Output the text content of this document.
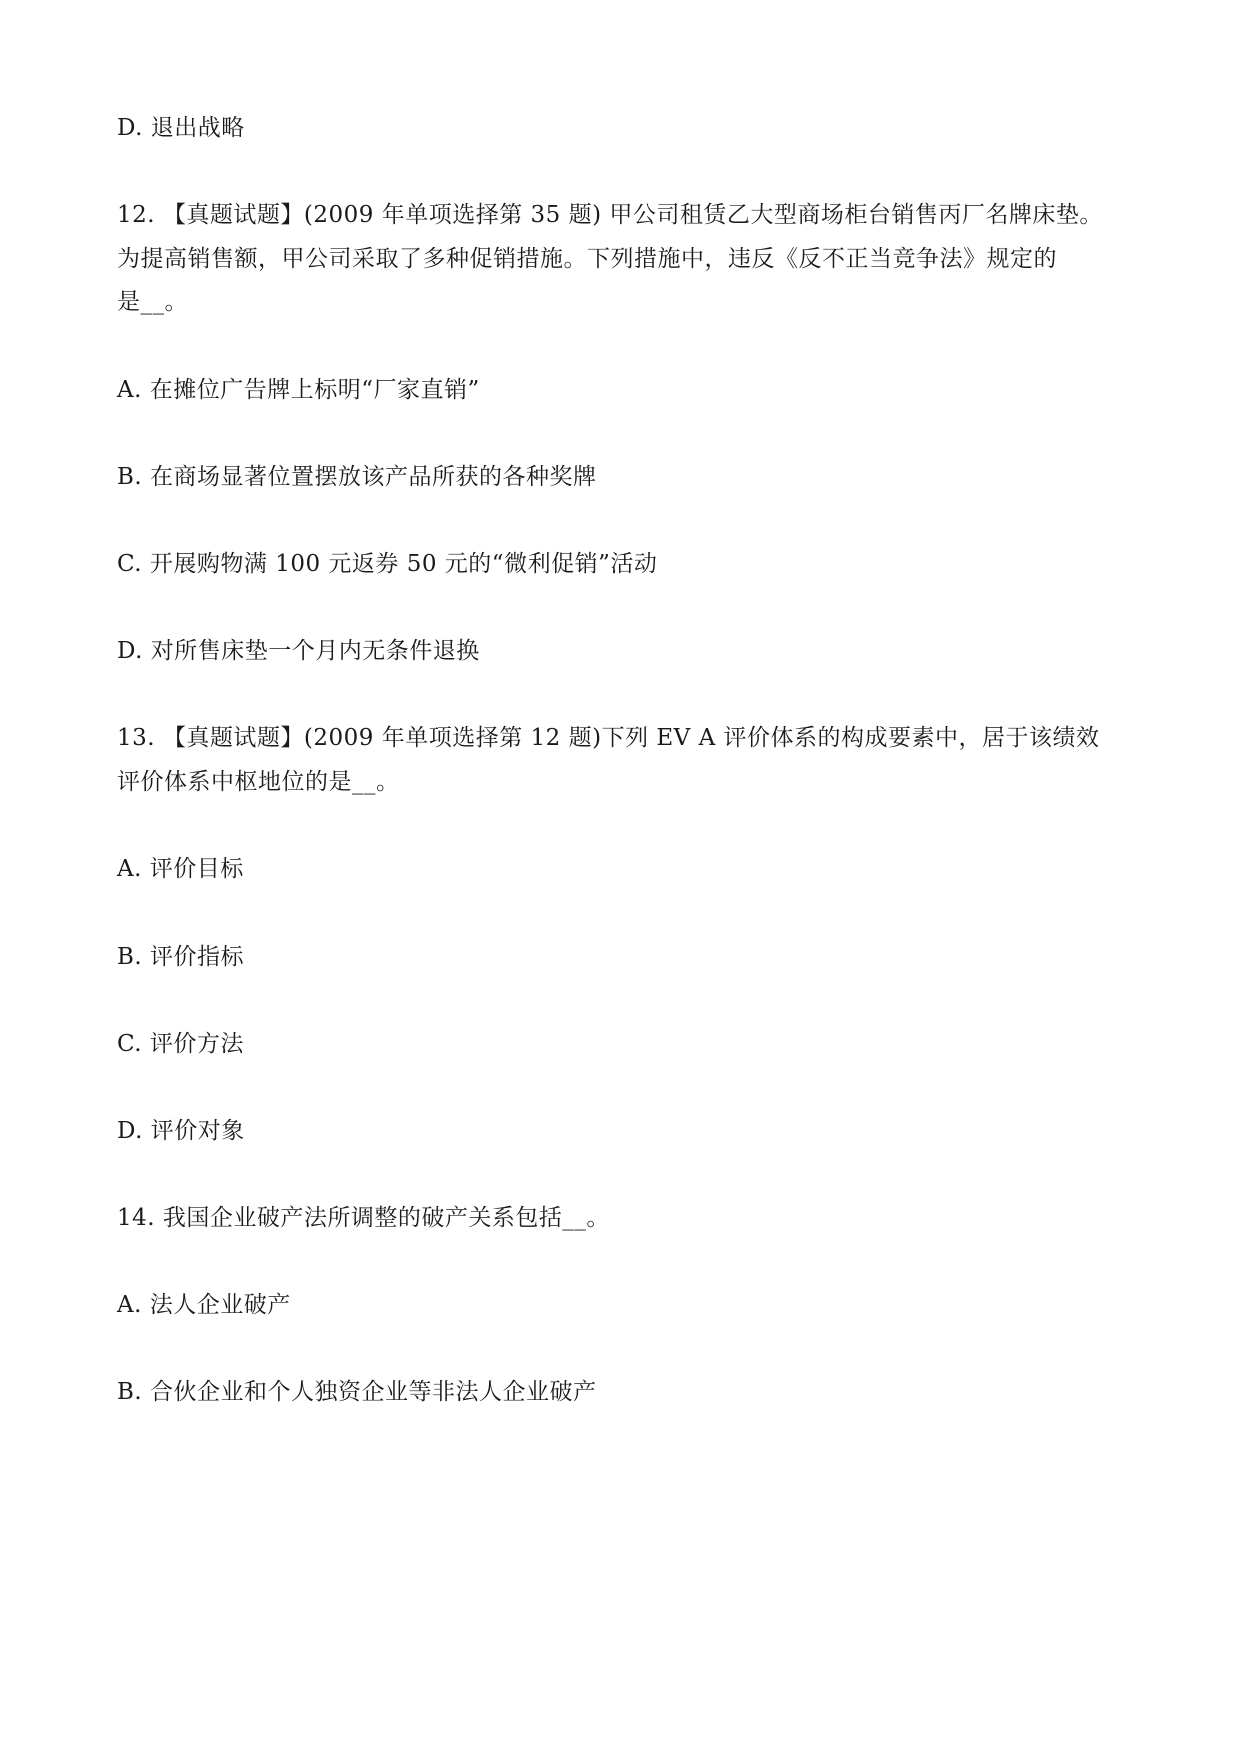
D. 退出战略
12. 【真题试题】(2009 年单项选择第 35 题) 甲公司租赁乙大型商场柜台销售丙厂名牌床垫。
为提高销售额，甲公司采取了多种促销措施。下列措施中，违反《反不正当竞争法》规定的
是__。
A. 在摊位广告牌上标明“厂家直销”
B. 在商场显著位置摆放该产品所获的各种奖牌
C. 开展购物满 100 元返券 50 元的“微利促销”活动
D. 对所售床垫一个月内无条件退换
13. 【真题试题】(2009 年单项选择第 12 题)下列 EV A 评价体系的构成要素中，居于该绩效
评价体系中枢地位的是__。
A. 评价目标
B. 评价指标
C. 评价方法
D. 评价对象
14. 我国企业破产法所调整的破产关系包括__。
A. 法人企业破产
B. 合伙企业和个人独资企业等非法人企业破产
